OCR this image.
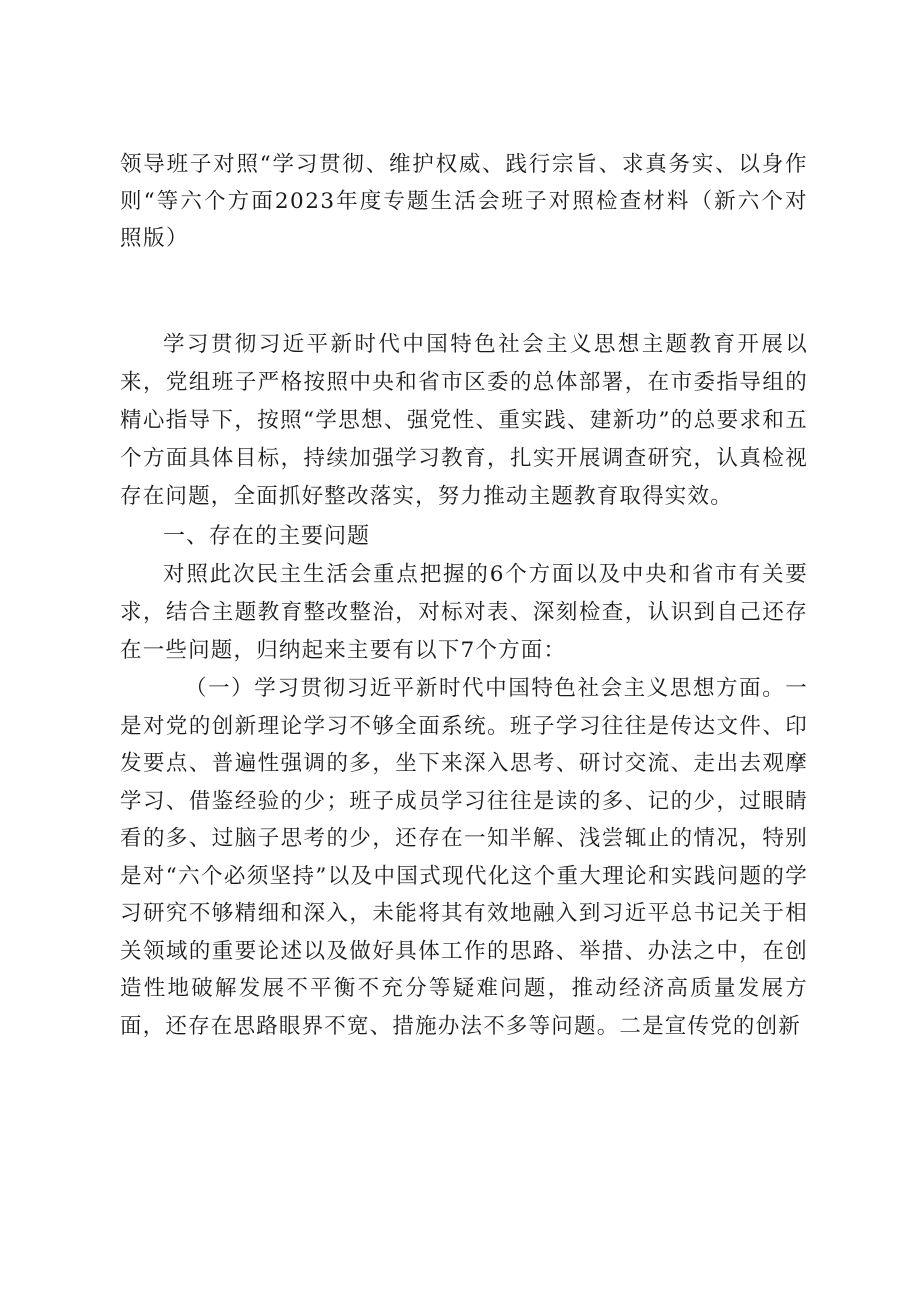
领导班子对照“学习贯彻、维护权威、践行宗旨、求真务实、以身作则“等六个方面2023年度专题生活会班子对照检查材料（新六个对照版）

学习贯彻习近平新时代中国特色社会主义思想主题教育开展以来，党组班子严格按照中央和省市区委的总体部署，在市委指导组的精心指导下，按照“学思想、强党性、重实践、建新功”的总要求和五个方面具体目标，持续加强学习教育，扎实开展调查研究，认真检视存在问题，全面抓好整改落实，努力推动主题教育取得实效。

一、存在的主要问题

对照此次民主生活会重点把握的6个方面以及中央和省市有关要求，结合主题教育整改整治，对标对表、深刻检查，认识到自己还存在一些问题，归纳起来主要有以下7个方面：

（一）学习贯彻习近平新时代中国特色社会主义思想方面。一是对党的创新理论学习不够全面系统。班子学习往往是传达文件、印发要点、普遍性强调的多，坐下来深入思考、研讨交流、走出去观摩学习、借鉴经验的少；班子成员学习往往是读的多、记的少，过眼睛看的多、过脑子思考的少，还存在一知半解、浅尝辄止的情况，特别是对“六个必须坚持”以及中国式现代化这个重大理论和实践问题的学习研究不够精细和深入，未能将其有效地融入到习近平总书记关于相关领域的重要论述以及做好具体工作的思路、举措、办法之中，在创造性地破解发展不平衡不充分等疑难问题，推动经济高质量发展方面，还存在思路眼界不宽、措施办法不多等问题。二是宣传党的创新
